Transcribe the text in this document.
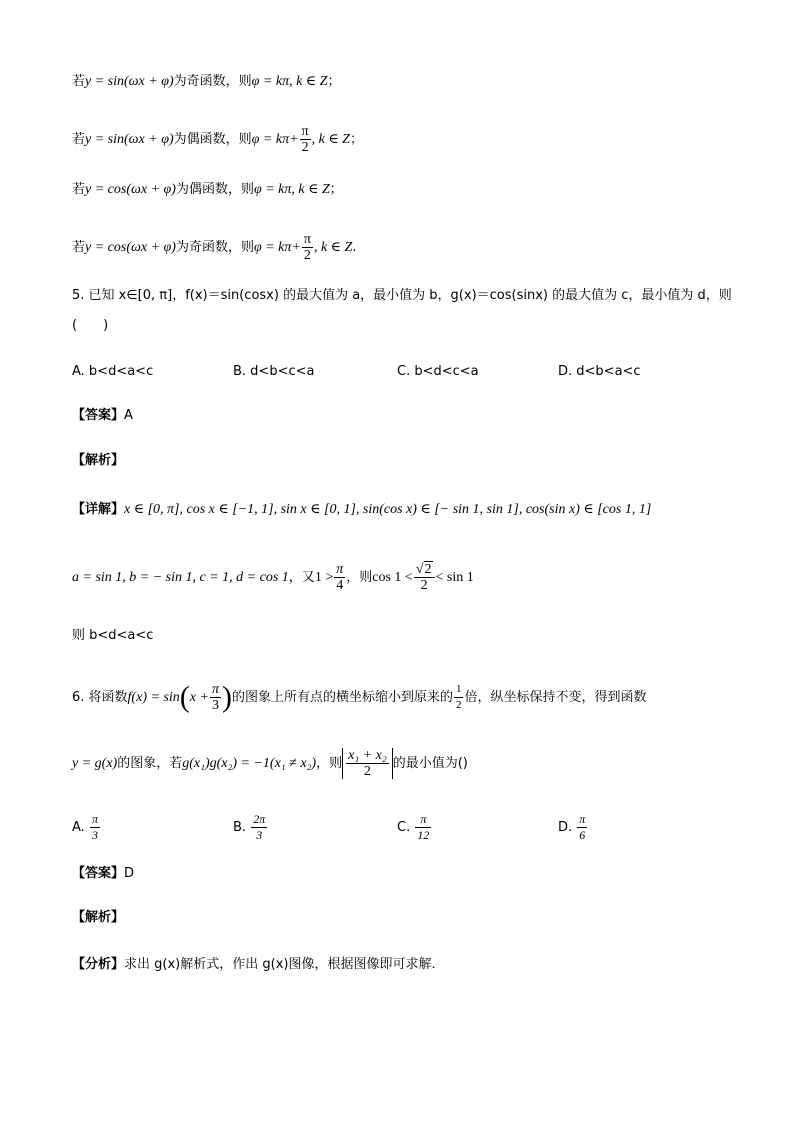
若y = sin(ωx + φ)为奇函数，则φ = kπ, k ∈ Z；
若y = sin(ωx + φ)为偶函数，则$\varphi = k\pi+ \frac{\pi}{2}$ , k ∈ Z；
若y = cos(ωx + φ)为偶函数，则φ = kπ, k ∈ Z；
若y = cos(ωx + φ)为奇函数，则$\varphi = k\pi+ \frac{\pi}{2}$ , k ∈ Z.
5. 已知 x∈[0, π]，f(x)＝sin(cosx) 的最大值为 a，最小值为 b，g(x)＝cos(sinx) 的最大值为 c，最小值为 d，则
(　　)
A. b<d<a<c	B. d<b<c<a	C. b<d<c<a	D. d<b<a<c
【答案】A
【解析】
【详解】x ∈ [0, π], cos x ∈ [−1, 1], sin x ∈ [0, 1], sin(cos x) ∈ [− sin 1, sin 1], cos(sin x) ∈ [cos 1, 1]
a = sin 1, b = − sin 1, c = 1, d = cos 1，又$1 > \frac{\pi}{4}$ ，则$\cos 1 < \frac{√2}{2} < \sin 1$
则 b<d<a<c
6. 将函数$f(x) = \sin(x + \frac{\pi}{3}$ )的图象上所有点的横坐标缩小到原来的 $\frac{1}{2}$ 倍，纵坐标保持不变，得到函数
y = g(x)的图象，若g(x₁)g(x₂) = −1(x₁ ≠ x₂)，则 $\frac{\text{x₁ + x₂}}{2}$ 的最小值为()
A. $\frac{\pi}{3}$	B. $\frac{2\pi}{3}$	C. $\frac{\pi}{12}$	D. $\frac{\pi}{6}$
【答案】D
【解析】
【分析】求出 g(x)解析式，作出 g(x)图像，根据图像即可求解．
